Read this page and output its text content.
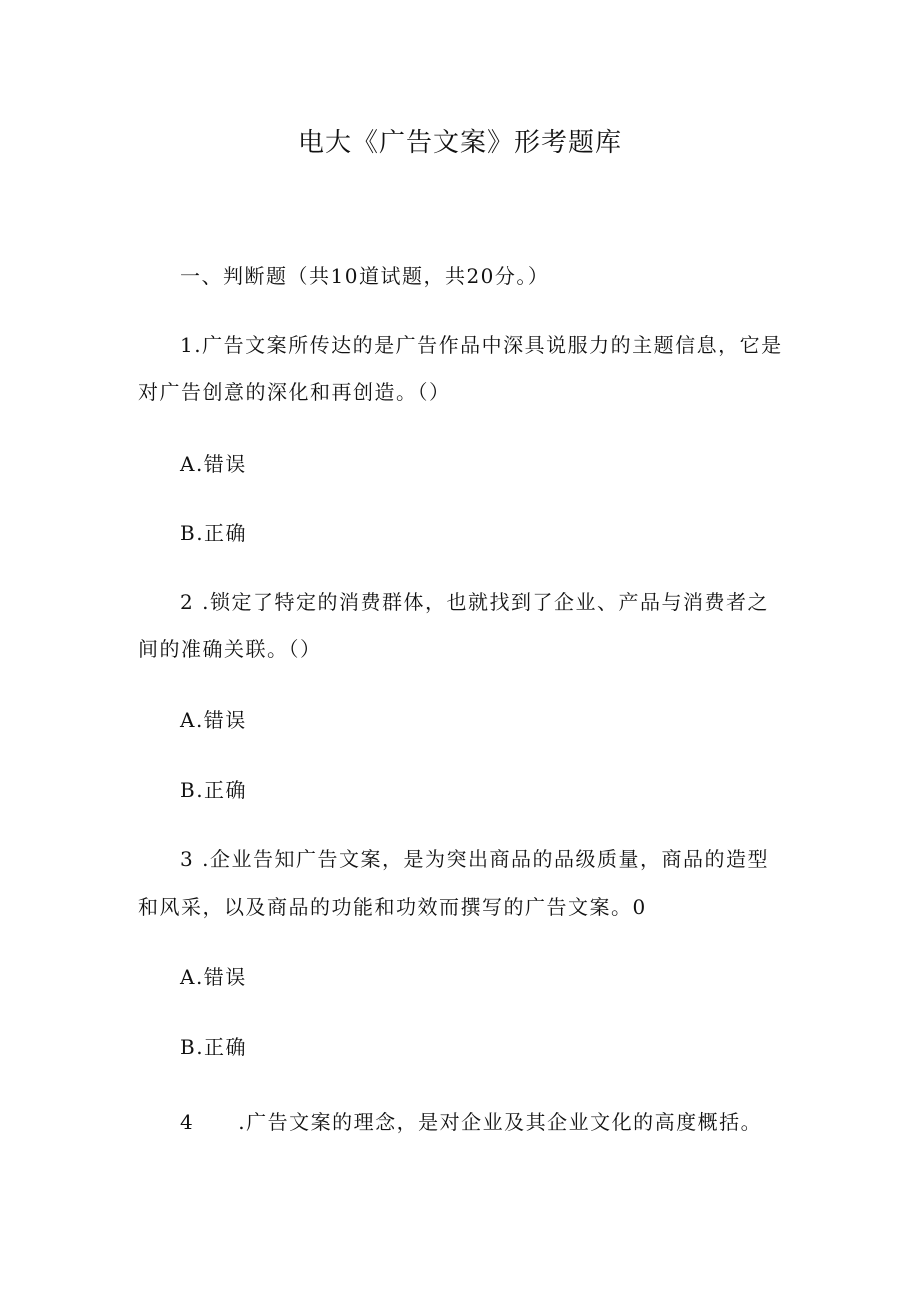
电大《广告文案》形考题库
一、判断题（共10道试题，共20分。）
1.广告文案所传达的是广告作品中深具说服力的主题信息，它是
对广告创意的深化和再创造。（）
A.错误
B.正确
2 .锁定了特定的消费群体，也就找到了企业、产品与消费者之
间的准确关联。（）
A.错误
B.正确
3 .企业告知广告文案，是为突出商品的品级质量，商品的造型
和风采，以及商品的功能和功效而撰写的广告文案。0
A.错误
B.正确
4 .广告文案的理念，是对企业及其企业文化的高度概括。
